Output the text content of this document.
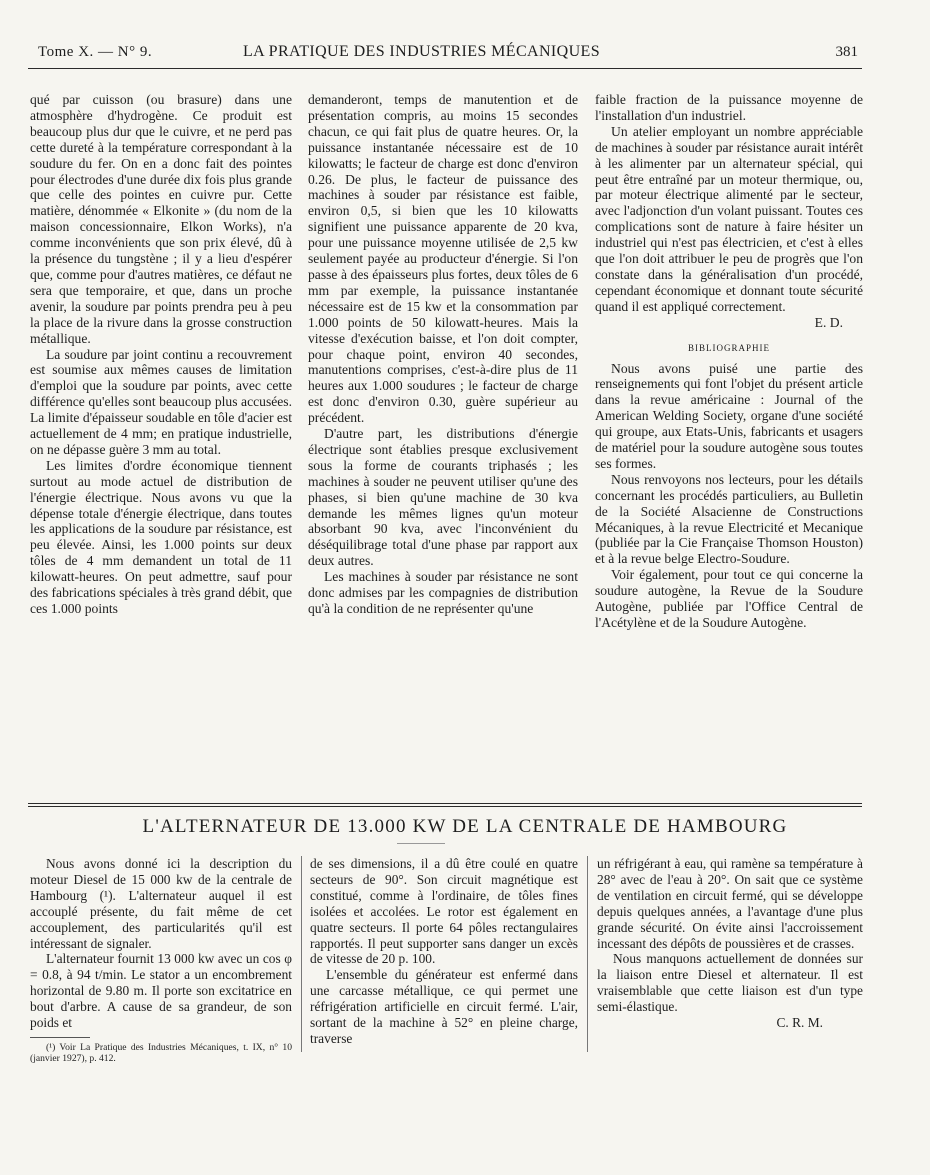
Tome X. — N° 9.	LA PRATIQUE DES INDUSTRIES MÉCANIQUES	381

qué par cuisson (ou brasure) dans une atmosphère d'hydrogène. Ce produit est beaucoup plus dur que le cuivre, et ne perd pas cette dureté à la température correspondant à la soudure du fer. On en a donc fait des pointes pour électrodes d'une durée dix fois plus grande que celle des pointes en cuivre pur. Cette matière, dénommée « Elkonite » (du nom de la maison concessionnaire, Elkon Works), n'a comme inconvénients que son prix élevé, dû à la présence du tungstène ; il y a lieu d'espérer que, comme pour d'autres matières, ce défaut ne sera que temporaire, et que, dans un proche avenir, la soudure par points prendra peu à peu la place de la rivure dans la grosse construction métallique.

La soudure par joint continu a recouvrement est soumise aux mêmes causes de limitation d'emploi que la soudure par points, avec cette différence qu'elles sont beaucoup plus accusées. La limite d'épaisseur soudable en tôle d'acier est actuellement de 4 mm; en pratique industrielle, on ne dépasse guère 3 mm au total.

Les limites d'ordre économique tiennent surtout au mode actuel de distribution de l'énergie électrique. Nous avons vu que la dépense totale d'énergie électrique, dans toutes les applications de la soudure par résistance, est peu élevée. Ainsi, les 1.000 points sur deux tôles de 4 mm demandent un total de 11 kilowatt-heures. On peut admettre, sauf pour des fabrications spéciales à très grand débit, que ces 1.000 points

demanderont, temps de manutention et de présentation compris, au moins 15 secondes chacun, ce qui fait plus de quatre heures. Or, la puissance instantanée nécessaire est de 10 kilowatts; le facteur de charge est donc d'environ 0.26. De plus, le facteur de puissance des machines à souder par résistance est faible, environ 0,5, si bien que les 10 kilowatts signifient une puissance apparente de 20 kva, pour une puissance moyenne utilisée de 2,5 kw seulement payée au producteur d'énergie. Si l'on passe à des épaisseurs plus fortes, deux tôles de 6 mm par exemple, la puissance instantanée nécessaire est de 15 kw et la consommation par 1.000 points de 50 kilowatt-heures. Mais la vitesse d'exécution baisse, et l'on doit compter, pour chaque point, environ 40 secondes, manutentions comprises, c'est-à-dire plus de 11 heures aux 1.000 soudures ; le facteur de charge est donc d'environ 0.30, guère supérieur au précédent.

D'autre part, les distributions d'énergie électrique sont établies presque exclusivement sous la forme de courants triphasés ; les machines à souder ne peuvent utiliser qu'une des phases, si bien qu'une machine de 30 kva demande les mêmes lignes qu'un moteur absorbant 90 kva, avec l'inconvénient du déséquilibrage total d'une phase par rapport aux deux autres.

Les machines à souder par résistance ne sont donc admises par les compagnies de distribution qu'à la condition de ne représenter qu'une

faible fraction de la puissance moyenne de l'installation d'un industriel.

Un atelier employant un nombre appréciable de machines à souder par résistance aurait intérêt à les alimenter par un alternateur spécial, qui peut être entraîné par un moteur thermique, ou, par moteur électrique alimenté par le secteur, avec l'adjonction d'un volant puissant. Toutes ces complications sont de nature à faire hésiter un industriel qui n'est pas électricien, et c'est à elles que l'on doit attribuer le peu de progrès que l'on constate dans la généralisation d'un procédé, cependant économique et donnant toute sécurité quand il est appliqué correctement.

E. D.

BIBLIOGRAPHIE

Nous avons puisé une partie des renseignements qui font l'objet du présent article dans la revue américaine : Journal of the American Welding Society, organe d'une société qui groupe, aux Etats-Unis, fabricants et usagers de matériel pour la soudure autogène sous toutes ses formes.

Nous renvoyons nos lecteurs, pour les détails concernant les procédés particuliers, au Bulletin de la Société Alsacienne de Constructions Mécaniques, à la revue Electricité et Mecanique (publiée par la Cie Française Thomson Houston) et à la revue belge Electro-Soudure.

Voir également, pour tout ce qui concerne la soudure autogène, la Revue de la Soudure Autogène, publiée par l'Office Central de l'Acétylène et de la Soudure Autogène.

L'ALTERNATEUR DE 13.000 KW DE LA CENTRALE DE HAMBOURG

Nous avons donné ici la description du moteur Diesel de 15 000 kw de la centrale de Hambourg (¹). L'alternateur auquel il est accouplé présente, du fait même de cet accouplement, des particularités qu'il est intéressant de signaler.

L'alternateur fournit 13 000 kw avec un cos φ = 0.8, à 94 t/min. Le stator a un encombrement horizontal de 9.80 m. Il porte son excitatrice en bout d'arbre. A cause de sa grandeur, de son poids et

(¹) Voir La Pratique des Industries Mécaniques, t. IX, n° 10 (janvier 1927), p. 412.

de ses dimensions, il a dû être coulé en quatre secteurs de 90°. Son circuit magnétique est constitué, comme à l'ordinaire, de tôles fines isolées et accolées. Le rotor est également en quatre secteurs. Il porte 64 pôles rectangulaires rapportés. Il peut supporter sans danger un excès de vitesse de 20 p. 100.

L'ensemble du générateur est enfermé dans une carcasse métallique, ce qui permet une réfrigération artificielle en circuit fermé. L'air, sortant de la machine à 52° en pleine charge, traverse

un réfrigérant à eau, qui ramène sa température à 28° avec de l'eau à 20°. On sait que ce système de ventilation en circuit fermé, qui se développe depuis quelques années, a l'avantage d'une plus grande sécurité. On évite ainsi l'accroissement incessant des dépôts de poussières et de crasses.

Nous manquons actuellement de données sur la liaison entre Diesel et alternateur. Il est vraisemblable que cette liaison est d'un type semi-élastique.

C. R. M.
